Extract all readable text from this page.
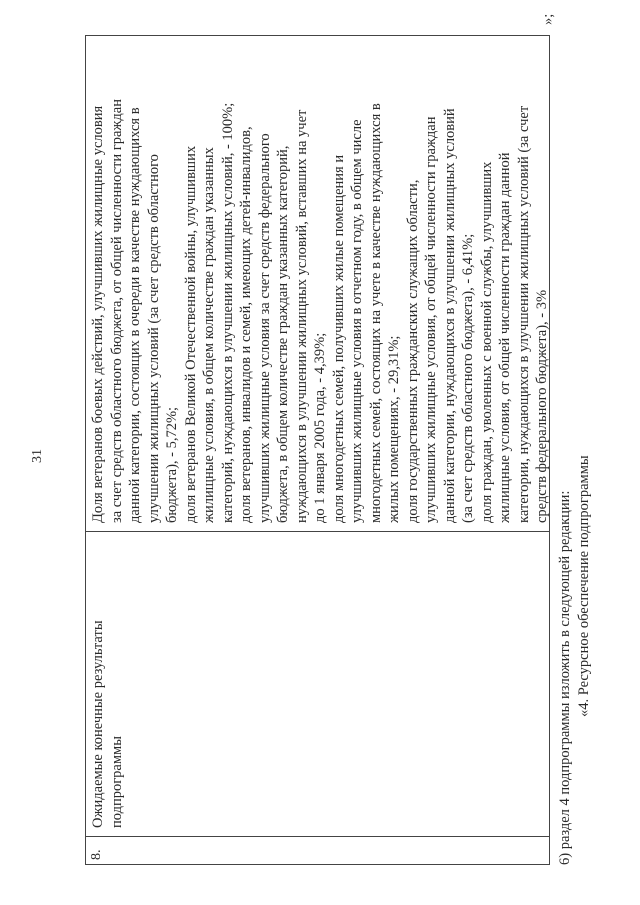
31
8.
Ожидаемые конечные результаты подпрограммы

Доля ветеранов боевых действий, улучшивших жилищные условия за счет средств областного бюджета, от общей численности граждан данной категории, состоящих в очереди в качестве нуждающихся в улучшении жилищных условий (за счет средств областного бюджета), - 5,72%; доля ветеранов Великой Отечественной войны, улучшивших жилищные условия, в общем количестве граждан указанных категорий, нуждающихся в улучшении жилищных условий, - 100%; доля ветеранов, инвалидов и семей, имеющих детей-инвалидов, улучшивших жилищные условия за счет средств федерального бюджета, в общем количестве граждан указанных категорий, нуждающихся в улучшении жилищных условий, вставших на учет до 1 января 2005 года, - 4,39%; доля многодетных семей, получивших жилые помещения и улучшивших жилищные условия в отчетном году, в общем числе многодетных семей, состоящих на учете в качестве нуждающихся в жилых помещениях, - 29,31%; доля государственных гражданских служащих области, улучшивших жилищные условия, от общей численности граждан данной категории, нуждающихся в улучшении жилищных условий (за счет средств областного бюджета), - 6,41%; доля граждан, уволенных с военной службы, улучшивших жилищные условия, от общей численности граждан данной категории, нуждающихся в улучшении жилищных условий (за счет средств федерального бюджета), - 3%

»;

6) раздел 4 подпрограммы изложить в следующей редакции: «4. Ресурсное обеспечение подпрограммы
